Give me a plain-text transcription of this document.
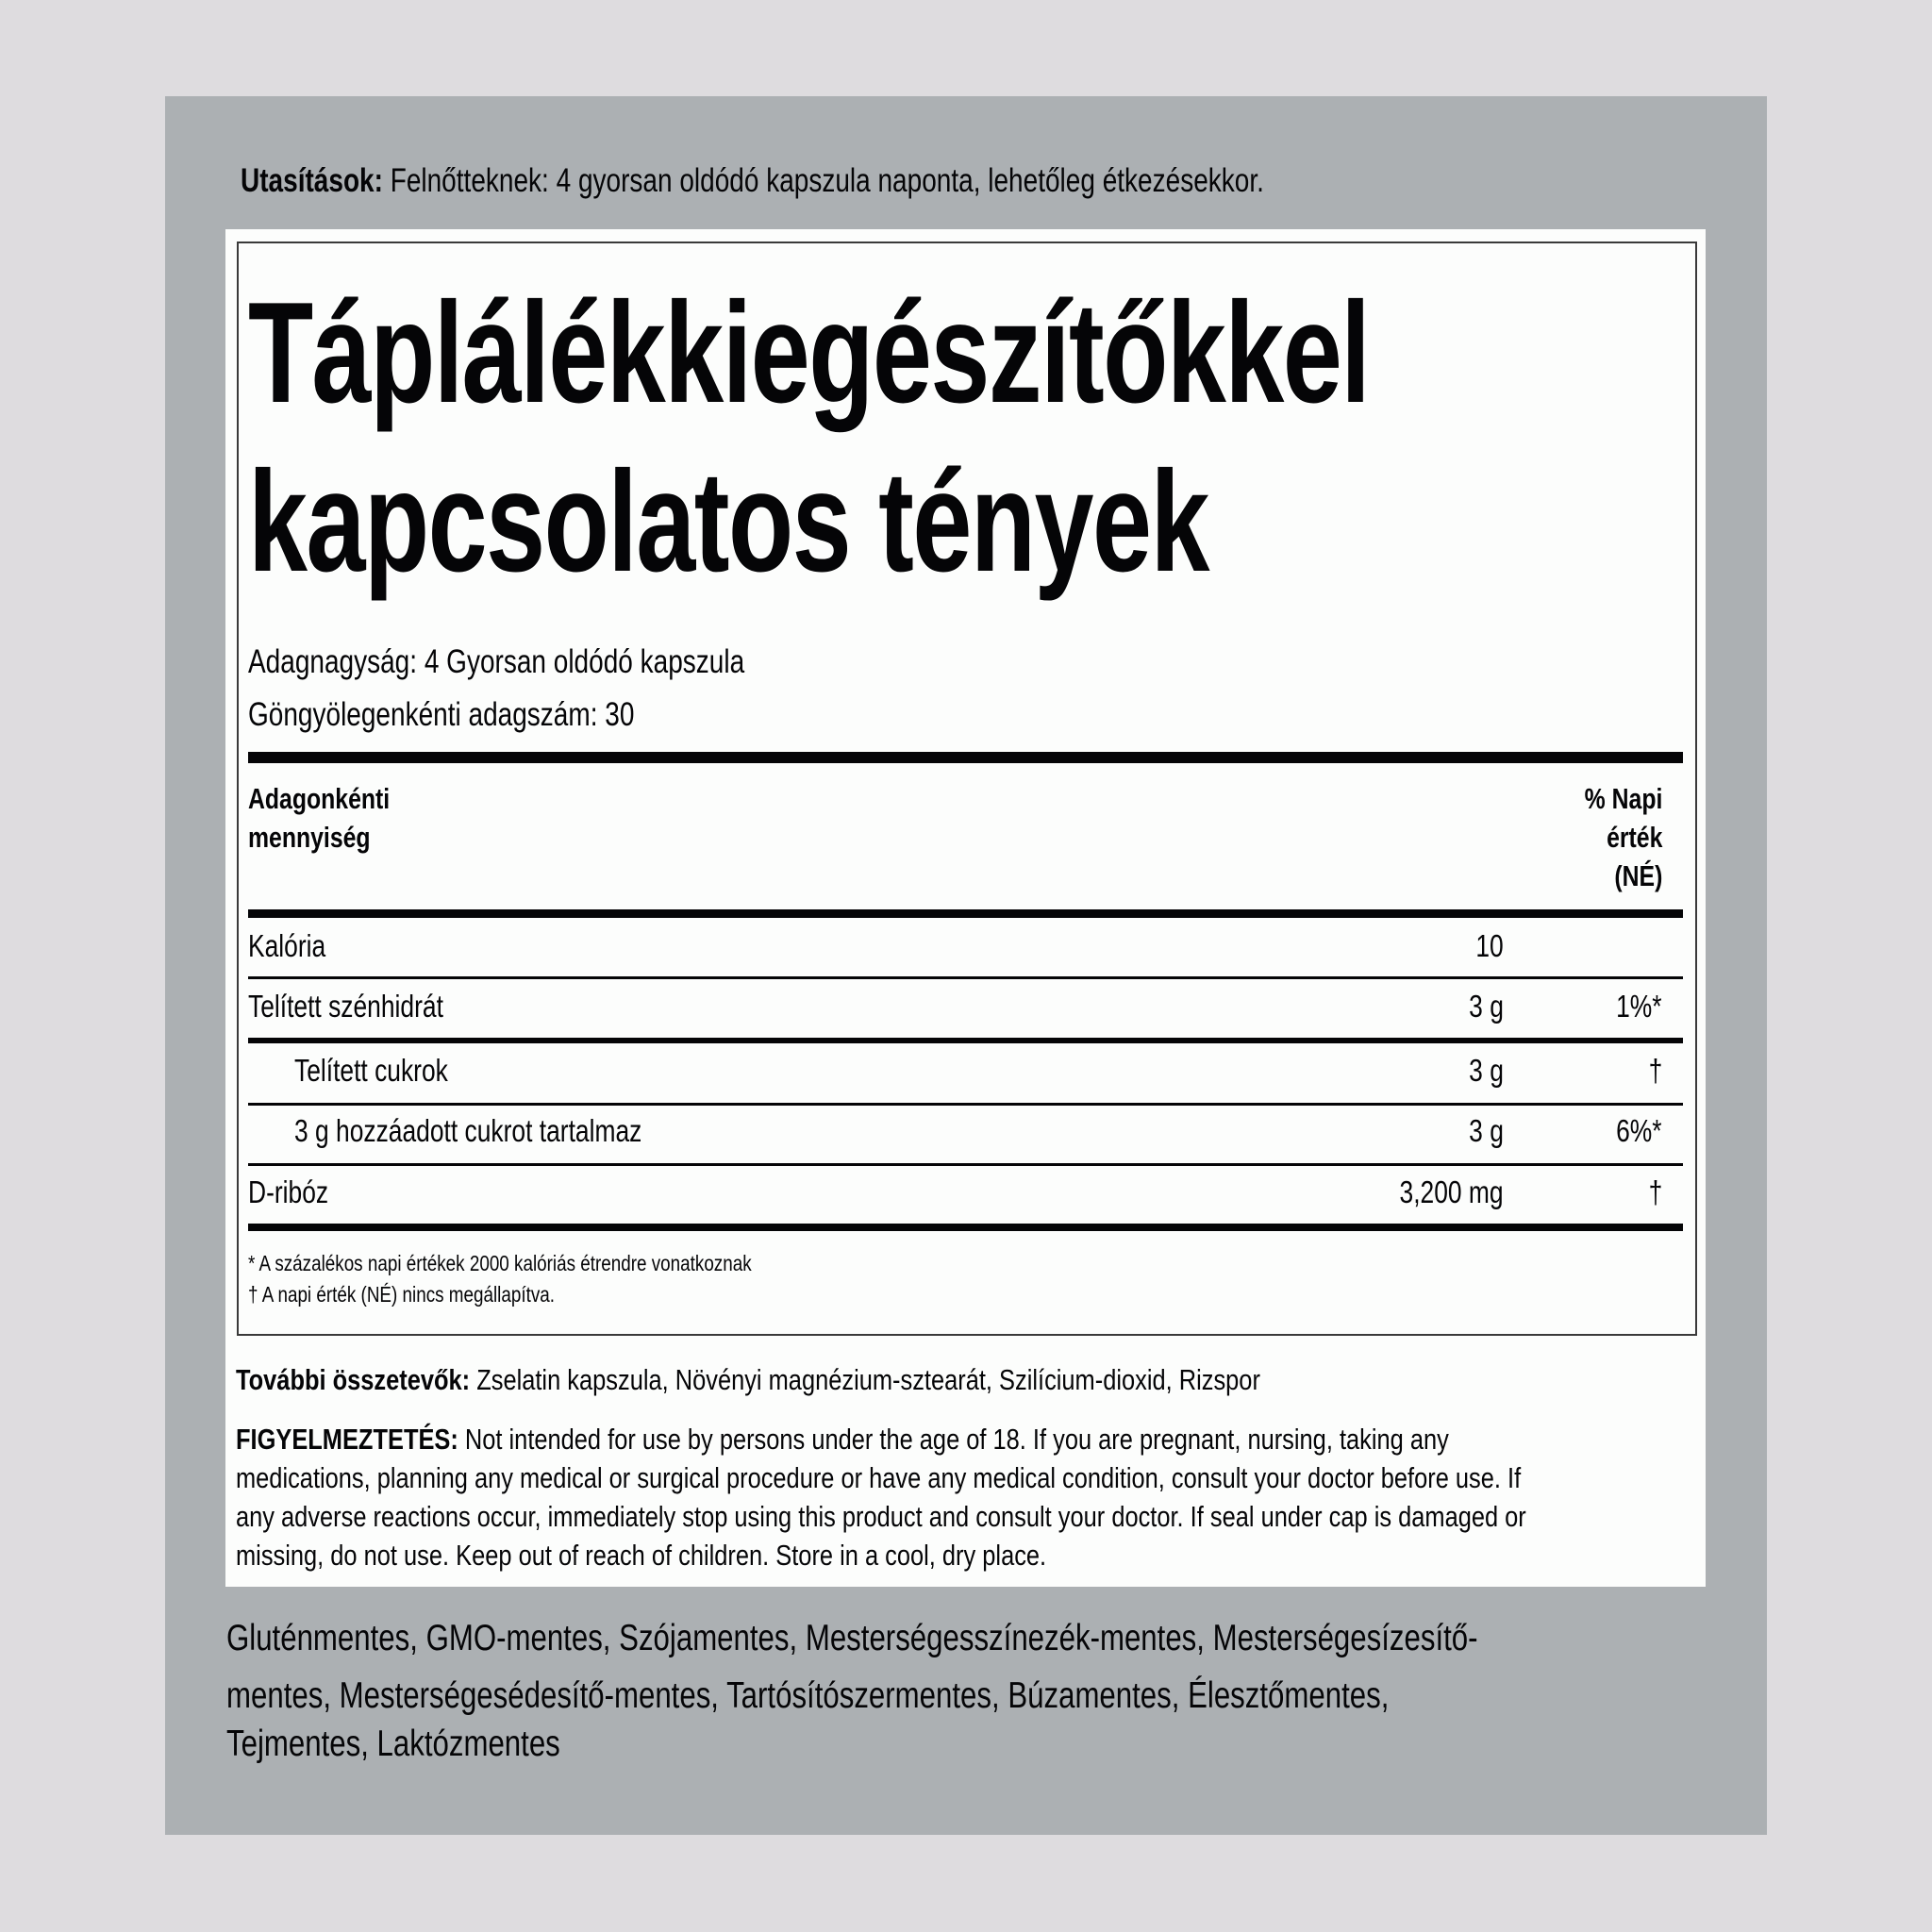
Utasítások: Felnőtteknek: 4 gyorsan oldódó kapszula naponta, lehetőleg étkezésekkor.
Táplálékkiegészítőkkel
kapcsolatos tények
Adagnagyság: 4 Gyorsan oldódó kapszula
Göngyölegenkénti adagszám: 30
Adagonkénti
mennyiség
% Napi
érték
(NÉ)
Kalória	10
Telített szénhidrát	3 g	1%*
Telített cukrok	3 g	†
3 g hozzáadott cukrot tartalmaz	3 g	6%*
D-ribóz	3,200 mg	†
* A százalékos napi értékek 2000 kalóriás étrendre vonatkoznak
† A napi érték (NÉ) nincs megállapítva.
További összetevők: Zselatin kapszula, Növényi magnézium-sztearát, Szilícium-dioxid, Rizspor
FIGYELMEZTETÉS: Not intended for use by persons under the age of 18. If you are pregnant, nursing, taking any
medications, planning any medical or surgical procedure or have any medical condition, consult your doctor before use. If
any adverse reactions occur, immediately stop using this product and consult your doctor. If seal under cap is damaged or
missing, do not use. Keep out of reach of children. Store in a cool, dry place.
Gluténmentes, GMO-mentes, Szójamentes, Mesterségesszínezék-mentes, Mesterségesízesítő-
mentes, Mesterségesédesítő-mentes, Tartósítószermentes, Búzamentes, Élesztőmentes,
Tejmentes, Laktózmentes
